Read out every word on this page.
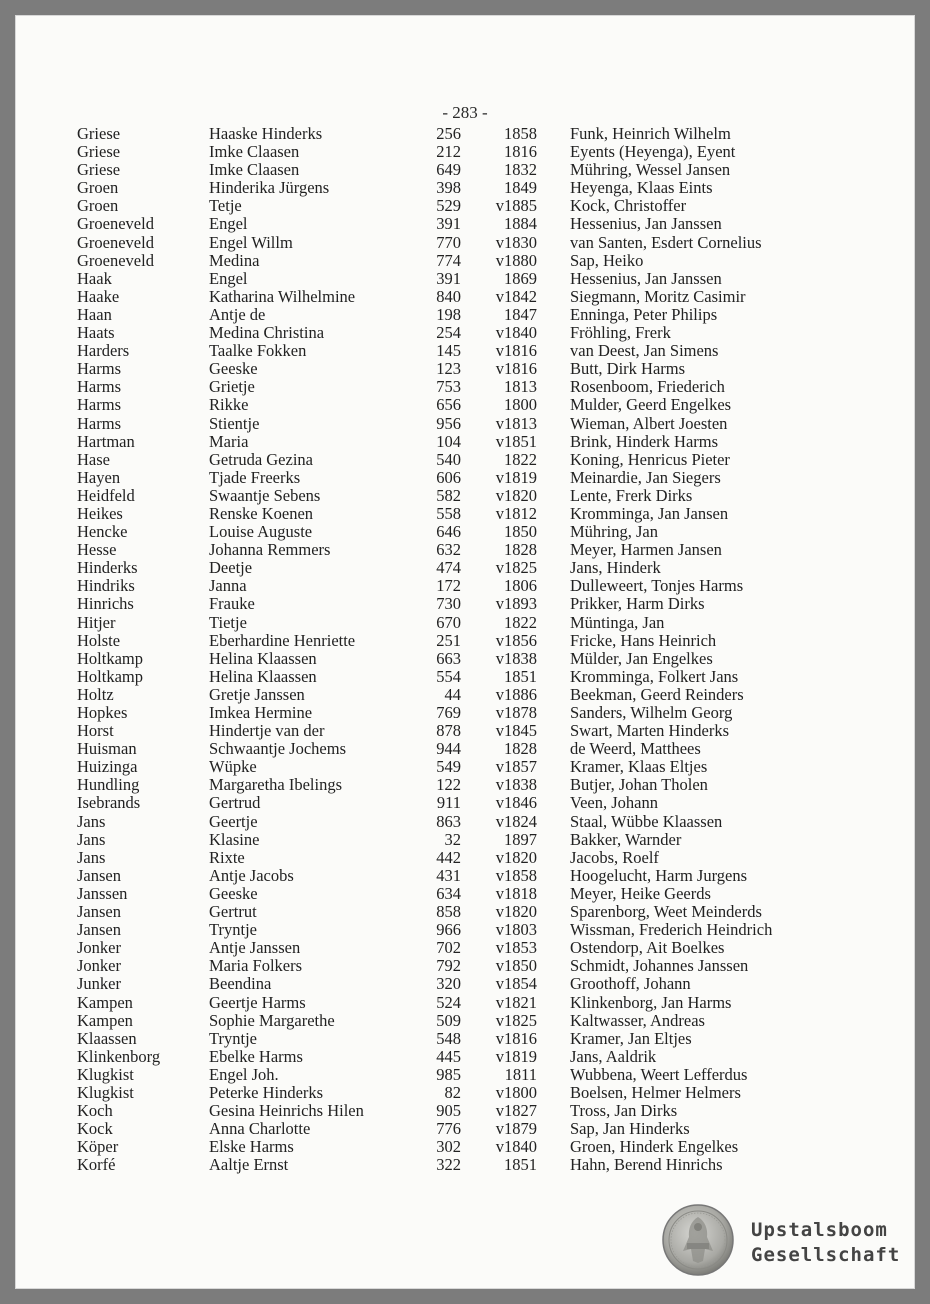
- 283 -
Griese	Haaske Hinderks	256	1858 Funk, Heinrich Wilhelm
Griese	Imke Claasen	212	1816 Eyents (Heyenga), Eyent
Griese	Imke Claasen	649	1832 Mühring, Wessel Jansen
Groen	Hinderika Jürgens	398	1849 Heyenga, Klaas Eints
Groen	Tetje	529	v1885 Kock, Christoffer
Groeneveld	Engel	391	1884 Hessenius, Jan Janssen
Groeneveld	Engel Willm	770	v1830 van Santen, Esdert Cornelius
Groeneveld	Medina	774	v1880 Sap, Heiko
Haak	Engel	391	1869 Hessenius, Jan Janssen
Haake	Katharina Wilhelmine	840	v1842 Siegmann, Moritz Casimir
Haan	Antje de	198	1847 Enninga, Peter Philips
Haats	Medina Christina	254	v1840 Fröhling, Frerk
Harders	Taalke Fokken	145	v1816 van Deest, Jan Simens
Harms	Geeske	123	v1816 Butt, Dirk Harms
Harms	Grietje	753	1813 Rosenboom, Friederich
Harms	Rikke	656	1800 Mulder, Geerd Engelkes
Harms	Stientje	956	v1813 Wieman, Albert Joesten
Hartman	Maria	104	v1851 Brink, Hinderk Harms
Hase	Getruda Gezina	540	1822 Koning, Henricus Pieter
Hayen	Tjade Freerks	606	v1819 Meinardie, Jan Siegers
Heidfeld	Swaantje Sebens	582	v1820 Lente, Frerk Dirks
Heikes	Renske Koenen	558	v1812 Kromminga, Jan Jansen
Hencke	Louise Auguste	646	1850 Mühring, Jan
Hesse	Johanna Remmers	632	1828 Meyer, Harmen Jansen
Hinderks	Deetje	474	v1825 Jans, Hinderk
Hindriks	Janna	172	1806 Dulleweert, Tonjes Harms
Hinrichs	Frauke	730	v1893 Prikker, Harm Dirks
Hitjer	Tietje	670	1822 Müntinga, Jan
Holste	Eberhardine Henriette	251	v1856 Fricke, Hans Heinrich
Holtkamp	Helina Klaassen	663	v1838 Mülder, Jan Engelkes
Holtkamp	Helina Klaassen	554	1851 Kromminga, Folkert Jans
Holtz	Gretje Janssen	44	v1886 Beekman, Geerd Reinders
Hopkes	Imkea Hermine	769	v1878 Sanders, Wilhelm Georg
Horst	Hindertje van der	878	v1845 Swart, Marten Hinderks
Huisman	Schwaantje Jochems	944	1828 de Weerd, Matthees
Huizinga	Wüpke	549	v1857 Kramer, Klaas Eltjes
Hundling	Margaretha Ibelings	122	v1838 Butjer, Johan Tholen
Isebrands	Gertrud	911	v1846 Veen, Johann
Jans	Geertje	863	v1824 Staal, Wübbe Klaassen
Jans	Klasine	32	1897 Bakker, Warnder
Jans	Rixte	442	v1820 Jacobs, Roelf
Jansen	Antje Jacobs	431	v1858 Hoogelucht, Harm Jurgens
Janssen	Geeske	634	v1818 Meyer, Heike Geerds
Jansen	Gertrut	858	v1820 Sparenborg, Weet Meinderds
Jansen	Tryntje	966	v1803 Wissman, Frederich Heindrich
Jonker	Antje Janssen	702	v1853 Ostendorp, Ait Boelkes
Jonker	Maria Folkers	792	v1850 Schmidt, Johannes Janssen
Junker	Beendina	320	v1854 Groothoff, Johann
Kampen	Geertje Harms	524	v1821 Klinkenborg, Jan Harms
Kampen	Sophie Margarethe	509	v1825 Kaltwasser, Andreas
Klaassen	Tryntje	548	v1816 Kramer, Jan Eltjes
Klinkenborg	Ebelke Harms	445	v1819 Jans, Aaldrik
Klugkist	Engel Joh.	985	1811 Wubbena, Weert Lefferdus
Klugkist	Peterke Hinderks	82	v1800 Boelsen, Helmer Helmers
Koch	Gesina Heinrichs Hilen	905	v1827 Tross, Jan Dirks
Kock	Anna Charlotte	776	v1879 Sap, Jan Hinderks
Köper	Elske Harms	302	v1840 Groen, Hinderk Engelkes
Korfé	Aaltje Ernst	322	1851 Hahn, Berend Hinrichs
Upstalsboom
Gesellschaft
